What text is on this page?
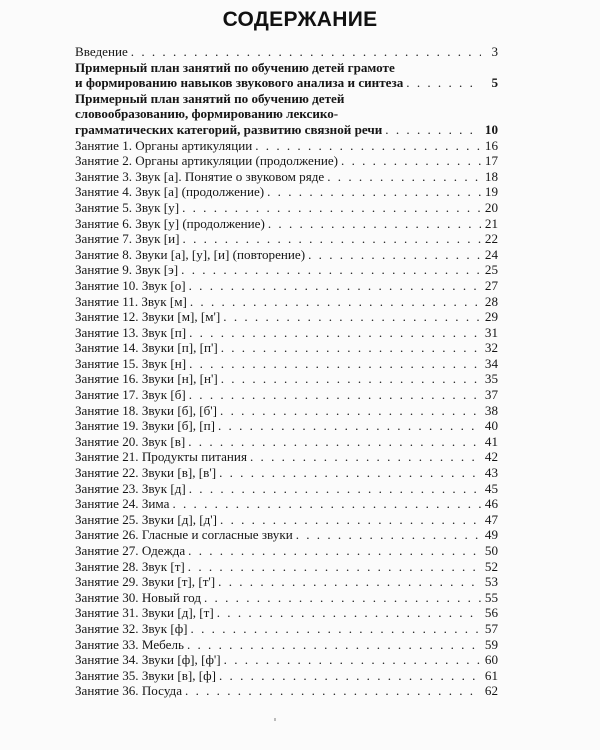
СОДЕРЖАНИЕ
Введение . . .	3
Примерный план занятий по обучению детей грамоте
и формированию навыков звукового анализа и синтеза . . .	5
Примерный план занятий по обучению детей
словообразованию, формированию лексико-
грамматических категорий, развитию связной речи . . .	10
Занятие 1. Органы артикуляции . . .	16
Занятие 2. Органы артикуляции (продолжение) . . .	17
Занятие 3. Звук [а]. Понятие о звуковом ряде . . .	18
Занятие 4. Звук [а] (продолжение) . . .	19
Занятие 5. Звук [у] . . .	20
Занятие 6. Звук [у] (продолжение) . . .	21
Занятие 7. Звук [и] . . .	22
Занятие 8. Звуки [а], [у], [и] (повторение) . . .	24
Занятие 9. Звук [э] . . .	25
Занятие 10. Звук [о] . . .	27
Занятие 11. Звук [м] . . .	28
Занятие 12. Звуки [м], [м'] . . .	29
Занятие 13. Звук [п] . . .	31
Занятие 14. Звуки [п], [п'] . . .	32
Занятие 15. Звук [н] . . .	34
Занятие 16. Звуки [н], [н'] . . .	35
Занятие 17. Звук [б] . . .	37
Занятие 18. Звуки [б], [б'] . . .	38
Занятие 19. Звуки [б], [п] . . .	40
Занятие 20. Звук [в] . . .	41
Занятие 21. Продукты питания . . .	42
Занятие 22. Звуки [в], [в'] . . .	43
Занятие 23. Звук [д] . . .	45
Занятие 24. Зима . . .	46
Занятие 25. Звуки [д], [д'] . . .	47
Занятие 26. Гласные и согласные звуки . . .	49
Занятие 27. Одежда . . .	50
Занятие 28. Звук [т] . . .	52
Занятие 29. Звуки [т], [т'] . . .	53
Занятие 30. Новый год . . .	55
Занятие 31. Звуки [д], [т] . . .	56
Занятие 32. Звук [ф] . . .	57
Занятие 33. Мебель . . .	59
Занятие 34. Звуки [ф], [ф'] . . .	60
Занятие 35. Звуки [в], [ф] . . .	61
Занятие 36. Посуда . . .	62
